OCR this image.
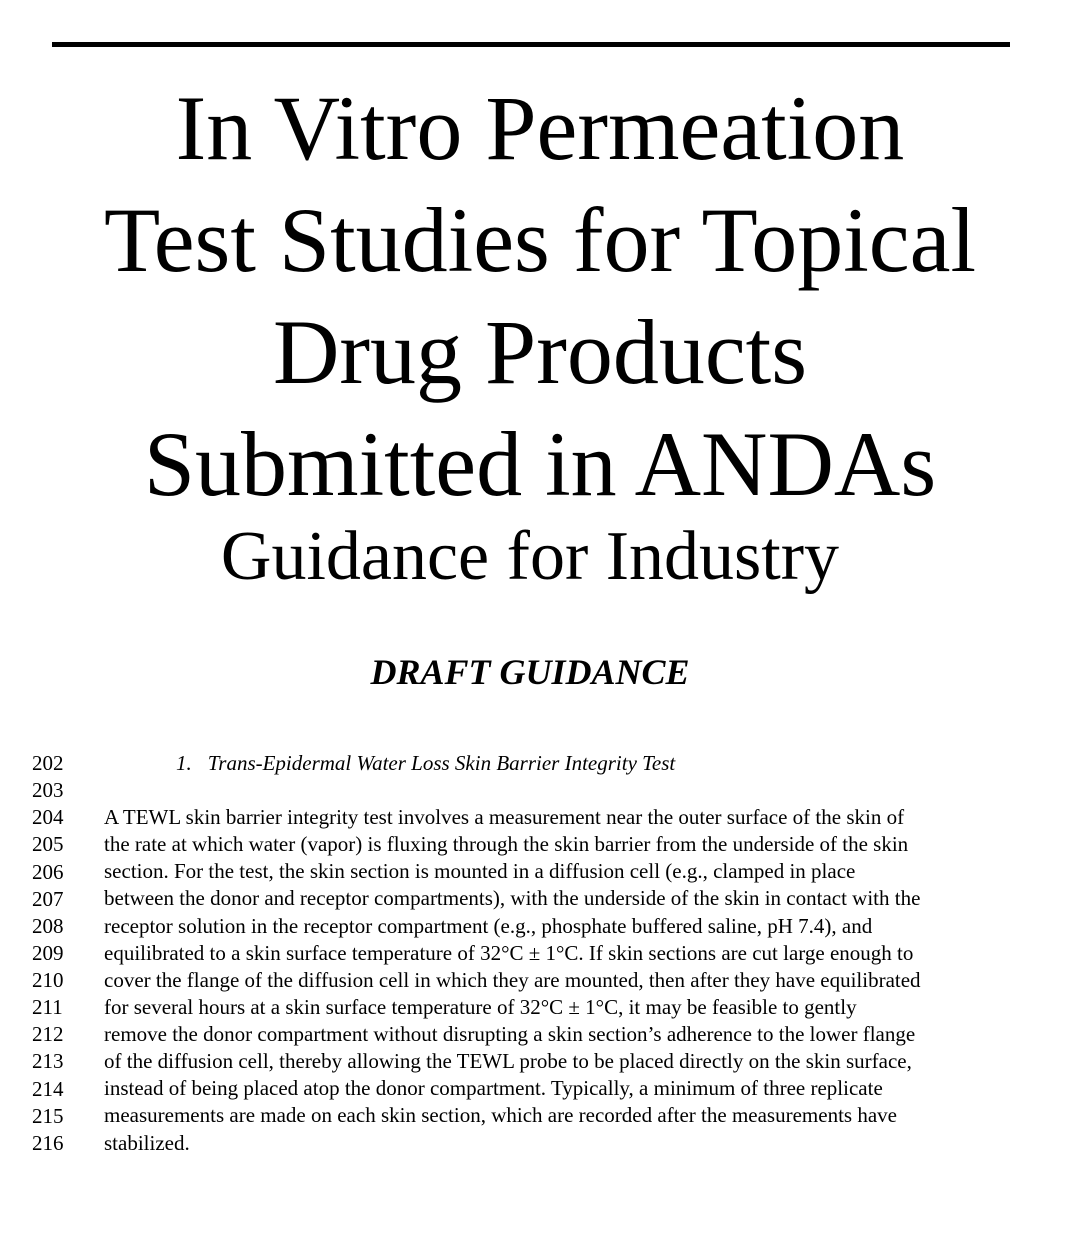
In Vitro Permeation
Test Studies for Topical
Drug Products
Submitted in ANDAs
Guidance for Industry
DRAFT GUIDANCE
202
203
204
205
206
207
208
209
210
211
212
213
214
215
216
1. Trans-Epidermal Water Loss Skin Barrier Integrity Test
A TEWL skin barrier integrity test involves a measurement near the outer surface of the skin of
the rate at which water (vapor) is fluxing through the skin barrier from the underside of the skin
section. For the test, the skin section is mounted in a diffusion cell (e.g., clamped in place
between the donor and receptor compartments), with the underside of the skin in contact with the
receptor solution in the receptor compartment (e.g., phosphate buffered saline, pH 7.4), and
equilibrated to a skin surface temperature of 32°C ± 1°C. If skin sections are cut large enough to
cover the flange of the diffusion cell in which they are mounted, then after they have equilibrated
for several hours at a skin surface temperature of 32°C ± 1°C, it may be feasible to gently
remove the donor compartment without disrupting a skin section’s adherence to the lower flange
of the diffusion cell, thereby allowing the TEWL probe to be placed directly on the skin surface,
instead of being placed atop the donor compartment. Typically, a minimum of three replicate
measurements are made on each skin section, which are recorded after the measurements have
stabilized.
